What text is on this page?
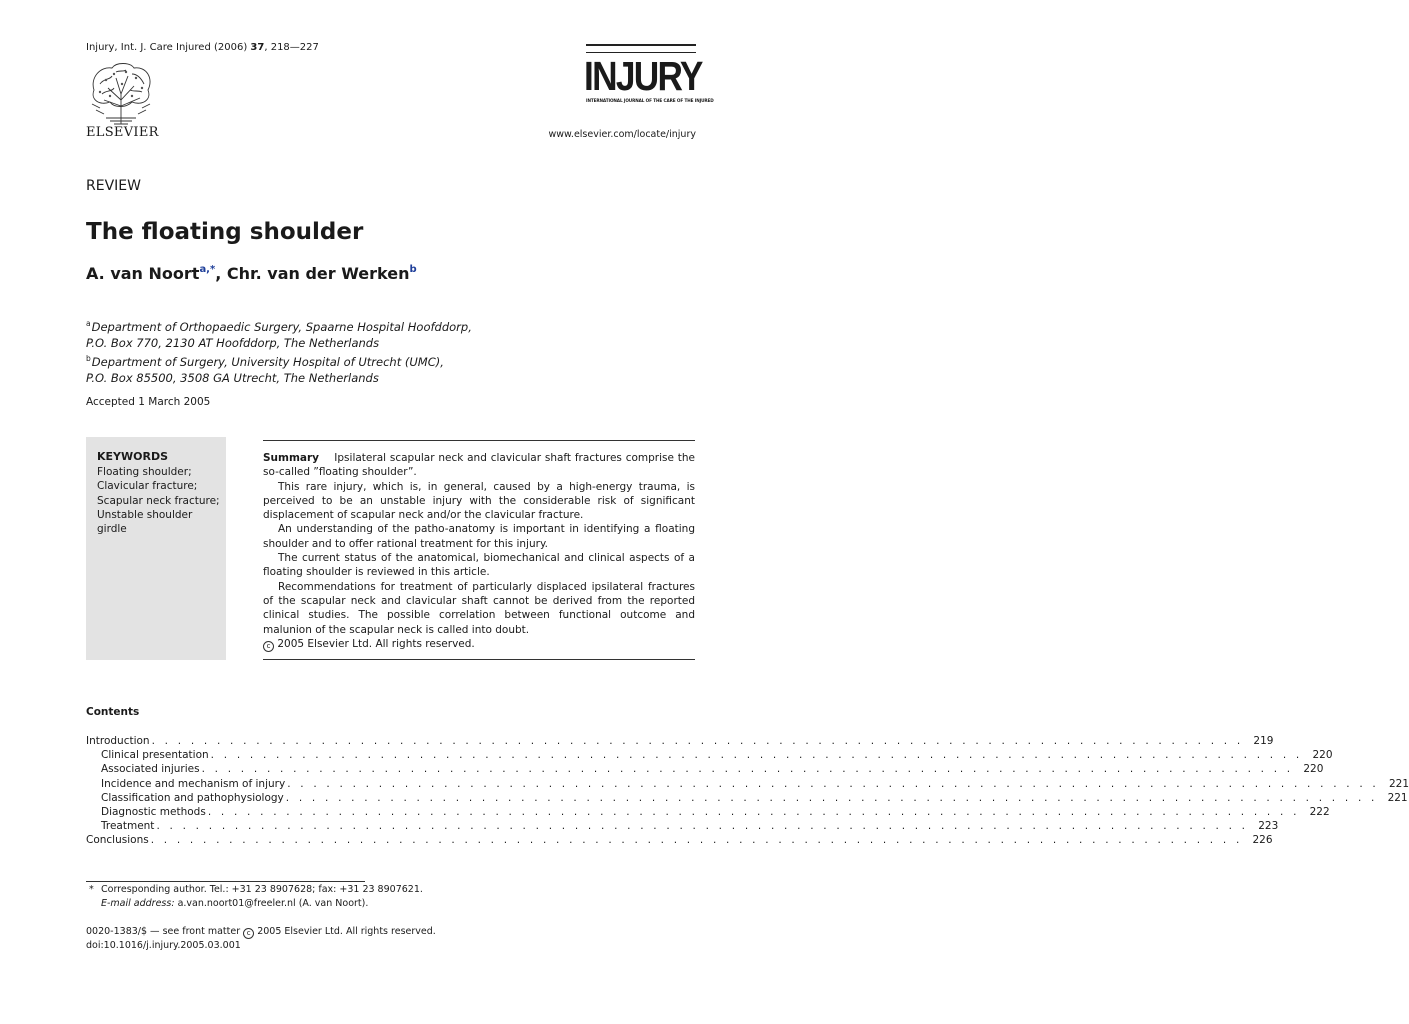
Injury, Int. J. Care Injured (2006) 37, 218—227
ELSEVIER
INJURY
INTERNATIONAL JOURNAL OF THE CARE OF THE INJURED
www.elsevier.com/locate/injury
REVIEW
The floating shoulder
A. van Noort$^{a,*}$, Chr. van der Werken$^b$
$^a$Department of Orthopaedic Surgery, Spaarne Hospital Hoofddorp,
P.O. Box 770, 2130 AT Hoofddorp, The Netherlands
$^b$Department of Surgery, University Hospital of Utrecht (UMC),
P.O. Box 85500, 3508 GA Utrecht, The Netherlands
Accepted 1 March 2005
KEYWORDS
Floating shoulder;
Clavicular fracture;
Scapular neck fracture;
Unstable shoulder
girdle

Summary Ipsilateral scapular neck and clavicular shaft fractures comprise the so-called ”floating shoulder”.

This rare injury, which is, in general, caused by a high-energy trauma, is perceived to be an unstable injury with the considerable risk of significant displacement of scapular neck and/or the clavicular fracture.

An understanding of the patho-anatomy is important in identifying a floating shoulder and to offer rational treatment for this injury.

The current status of the anatomical, biomechanical and clinical aspects of a floating shoulder is reviewed in this article.

Recommendations for treatment of particularly displaced ipsilateral fractures of the scapular neck and clavicular shaft cannot be derived from the reported clinical studies. The possible correlation between functional outcome and malunion of the scapular neck is called into doubt.

c 2005 Elsevier Ltd. All rights reserved.

Contents
Introduction . . . . . . . . . . . . . . . . . . . . . . . . . . . . . . . . . . . . . . . . . . . . . . . . . . . . . . . . . . . . . . . . . . . . . . . . . . . . . . . . . . . . 219
Clinical presentation . . . . . . . . . . . . . . . . . . . . . . . . . . . . . . . . . . . . . . . . . . . . . . . . . . . . . . . . . . . . . . . . . . . . . . . . . . . . . . . . . . . . 220
Associated injuries . . . . . . . . . . . . . . . . . . . . . . . . . . . . . . . . . . . . . . . . . . . . . . . . . . . . . . . . . . . . . . . . . . . . . . . . . . . . . . . . . . . . 220
Incidence and mechanism of injury . . . . . . . . . . . . . . . . . . . . . . . . . . . . . . . . . . . . . . . . . . . . . . . . . . . . . . . . . . . . . . . . . . . . . . . . . . . . . . . . . . . . 221
Classification and pathophysiology . . . . . . . . . . . . . . . . . . . . . . . . . . . . . . . . . . . . . . . . . . . . . . . . . . . . . . . . . . . . . . . . . . . . . . . . . . . . . . . . . . . . 221
Diagnostic methods . . . . . . . . . . . . . . . . . . . . . . . . . . . . . . . . . . . . . . . . . . . . . . . . . . . . . . . . . . . . . . . . . . . . . . . . . . . . . . . . . . . . 222
Treatment . . . . . . . . . . . . . . . . . . . . . . . . . . . . . . . . . . . . . . . . . . . . . . . . . . . . . . . . . . . . . . . . . . . . . . . . . . . . . . . . . . . . 223
Conclusions . . . . . . . . . . . . . . . . . . . . . . . . . . . . . . . . . . . . . . . . . . . . . . . . . . . . . . . . . . . . . . . . . . . . . . . . . . . . . . . . . . . . 226
* Corresponding author. Tel.: +31 23 8907628; fax: +31 23 8907621.
E-mail address: a.van.noort01@freeler.nl (A. van Noort).
0020-1383/$ — see front matter c 2005 Elsevier Ltd. All rights reserved.
doi:10.1016/j.injury.2005.03.001
